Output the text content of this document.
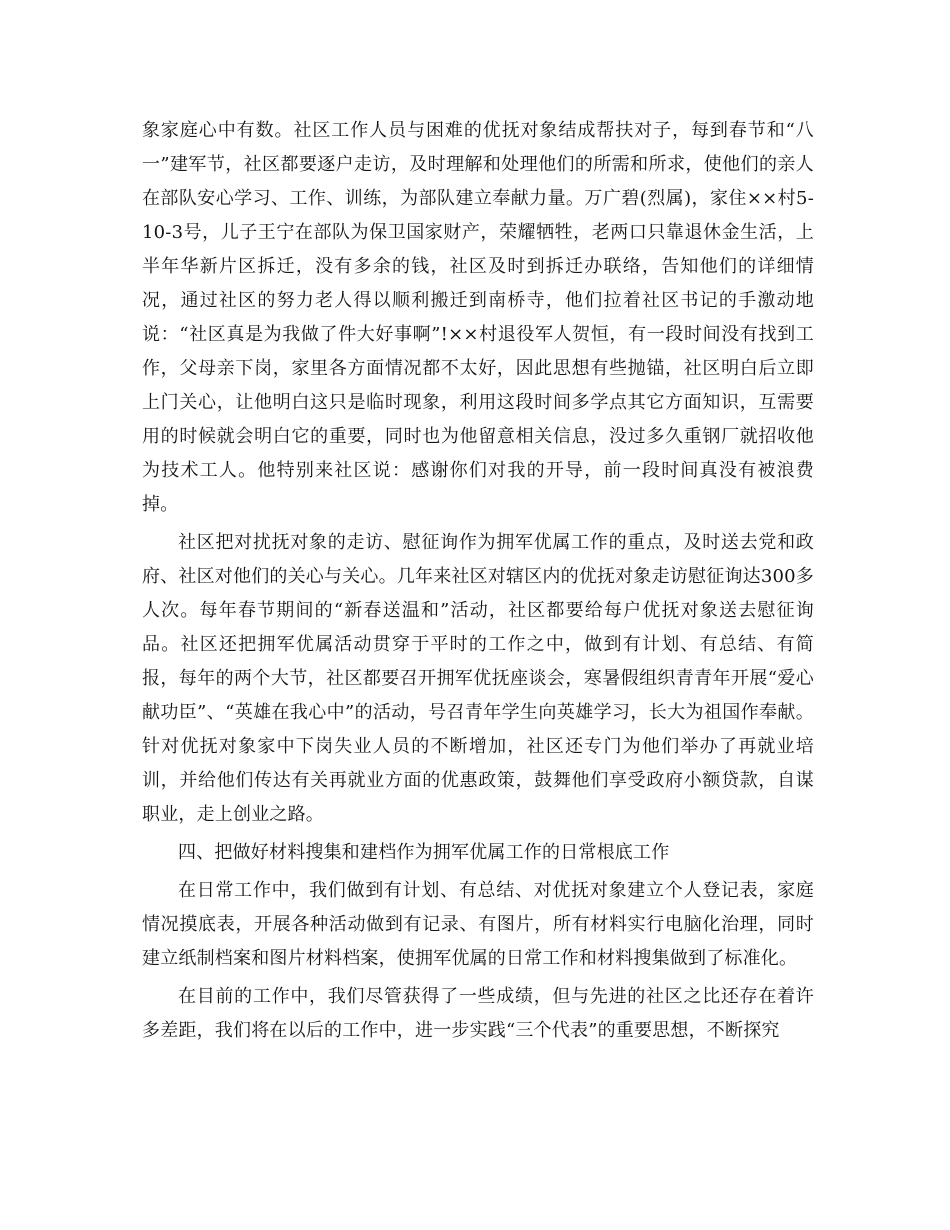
象家庭心中有数。社区工作人员与困难的优抚对象结成帮扶对子，每到春节和“八一”建军节，社区都要逐户走访，及时理解和处理他们的所需和所求，使他们的亲人在部队安心学习、工作、训练，为部队建立奉献力量。万广碧(烈属)，家住××村5-10-3号，儿子王宁在部队为保卫国家财产，荣耀牺牲，老两口只靠退休金生活，上半年华新片区拆迁，没有多余的钱，社区及时到拆迁办联络，告知他们的详细情况，通过社区的努力老人得以顺利搬迁到南桥寺，他们拉着社区书记的手激动地说：“社区真是为我做了件大好事啊”!××村退役军人贺恒，有一段时间没有找到工作，父母亲下岗，家里各方面情况都不太好，因此思想有些抛锚，社区明白后立即上门关心，让他明白这只是临时现象，利用这段时间多学点其它方面知识，互需要用的时候就会明白它的重要，同时也为他留意相关信息，没过多久重钢厂就招收他为技术工人。他特别来社区说：感谢你们对我的开导，前一段时间真没有被浪费掉。

社区把对扰抚对象的走访、慰征询作为拥军优属工作的重点，及时送去党和政府、社区对他们的关心与关心。几年来社区对辖区内的优抚对象走访慰征询达300多人次。每年春节期间的“新春送温和”活动，社区都要给每户优抚对象送去慰征询品。社区还把拥军优属活动贯穿于平时的工作之中，做到有计划、有总结、有简报，每年的两个大节，社区都要召开拥军优抚座谈会，寒暑假组织青青年开展“爱心献功臣”、“英雄在我心中”的活动，号召青年学生向英雄学习，长大为祖国作奉献。针对优抚对象家中下岗失业人员的不断增加，社区还专门为他们举办了再就业培训，并给他们传达有关再就业方面的优惠政策，鼓舞他们享受政府小额贷款，自谋职业，走上创业之路。

四、把做好材料搜集和建档作为拥军优属工作的日常根底工作

在日常工作中，我们做到有计划、有总结、对优抚对象建立个人登记表，家庭情况摸底表，开展各种活动做到有记录、有图片，所有材料实行电脑化治理，同时建立纸制档案和图片材料档案，使拥军优属的日常工作和材料搜集做到了标准化。

在目前的工作中，我们尽管获得了一些成绩，但与先进的社区之比还存在着许多差距，我们将在以后的工作中，进一步实践“三个代表”的重要思想，不断探究
